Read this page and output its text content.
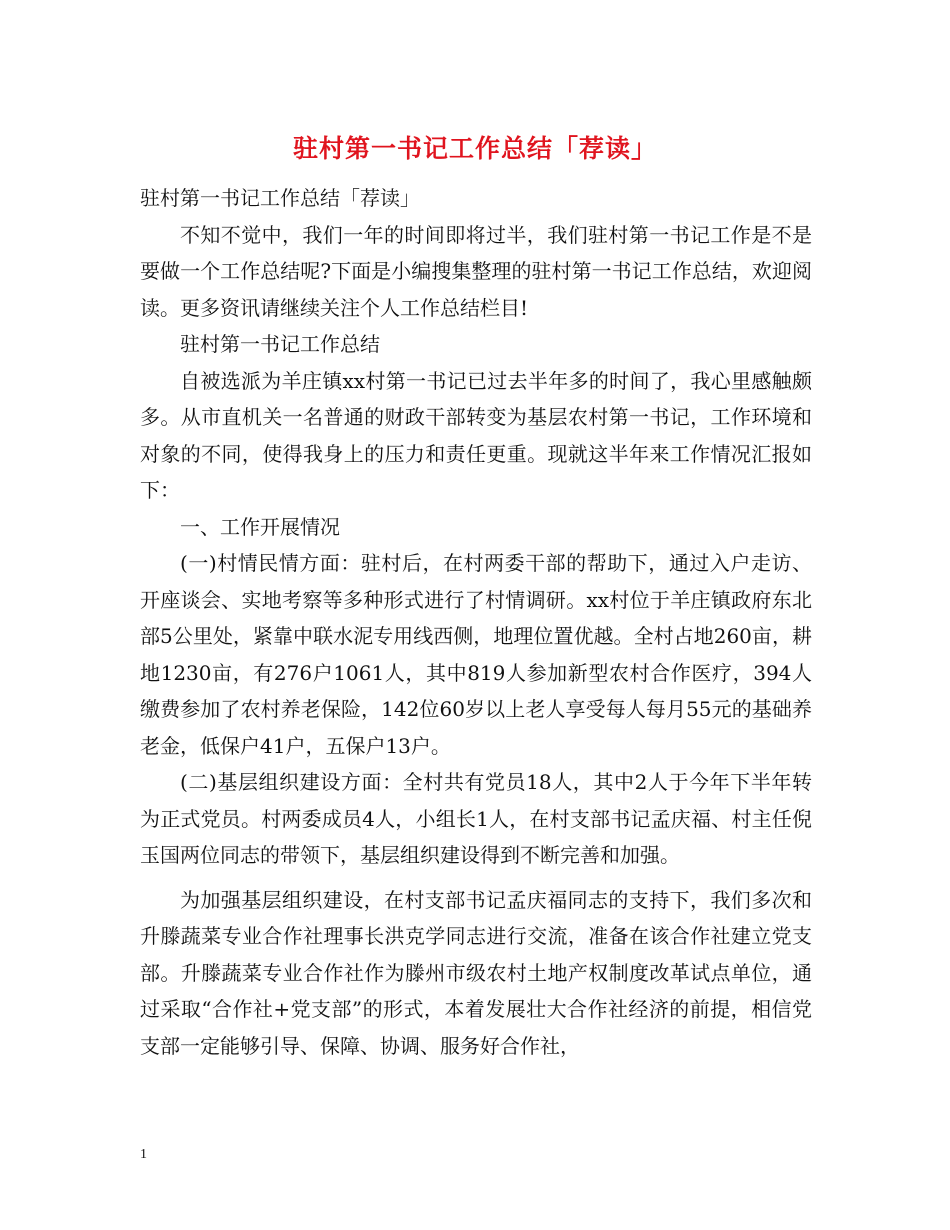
驻村第一书记工作总结「荐读」

驻村第一书记工作总结「荐读」

不知不觉中，我们一年的时间即将过半，我们驻村第一书记工作是不是要做一个工作总结呢?下面是小编搜集整理的驻村第一书记工作总结，欢迎阅读。更多资讯请继续关注个人工作总结栏目!

驻村第一书记工作总结

自被选派为羊庄镇xx村第一书记已过去半年多的时间了，我心里感触颇多。从市直机关一名普通的财政干部转变为基层农村第一书记，工作环境和对象的不同，使得我身上的压力和责任更重。现就这半年来工作情况汇报如下：

一、工作开展情况

(一)村情民情方面：驻村后，在村两委干部的帮助下，通过入户走访、开座谈会、实地考察等多种形式进行了村情调研。xx村位于羊庄镇政府东北部5公里处，紧靠中联水泥专用线西侧，地理位置优越。全村占地260亩，耕地1230亩，有276户1061人，其中819人参加新型农村合作医疗，394人缴费参加了农村养老保险，142位60岁以上老人享受每人每月55元的基础养老金，低保户41户，五保户13户。

(二)基层组织建设方面：全村共有党员18人，其中2人于今年下半年转为正式党员。村两委成员4人，小组长1人，在村支部书记孟庆福、村主任倪玉国两位同志的带领下，基层组织建设得到不断完善和加强。

为加强基层组织建设，在村支部书记孟庆福同志的支持下，我们多次和升滕蔬菜专业合作社理事长洪克学同志进行交流，准备在该合作社建立党支部。升滕蔬菜专业合作社作为滕州市级农村土地产权制度改革试点单位，通过采取“合作社+党支部”的形式，本着发展壮大合作社经济的前提，相信党支部一定能够引导、保障、协调、服务好合作社，

1
